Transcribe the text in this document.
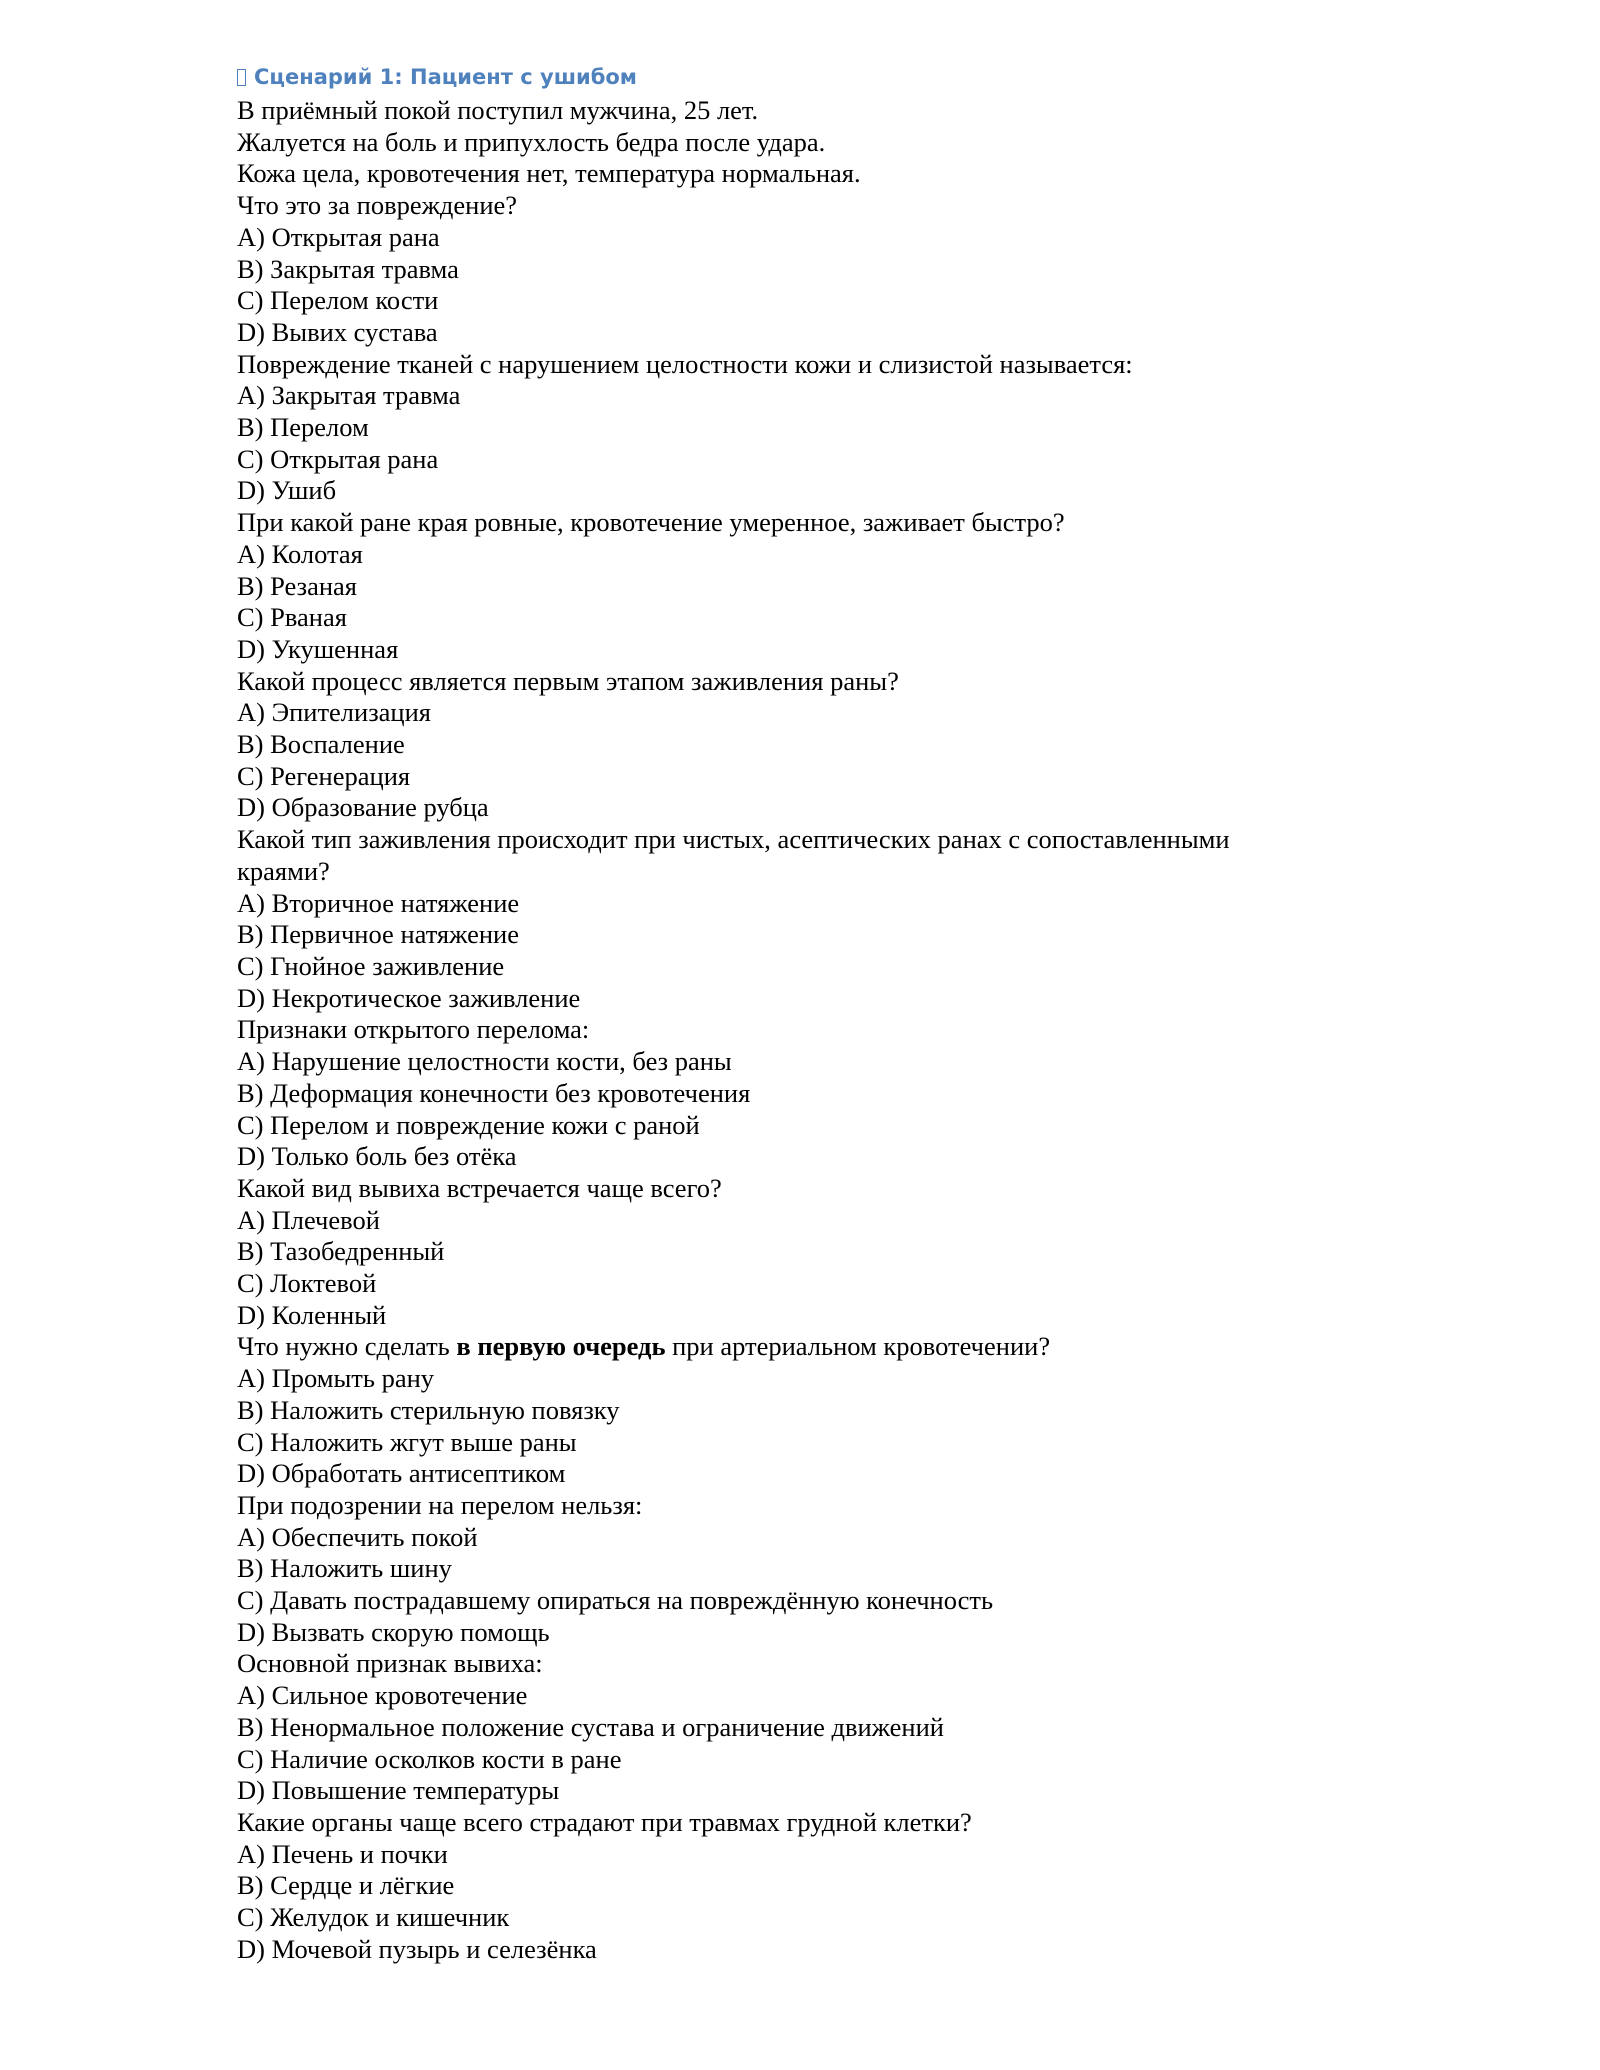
Сценарий 1: Пациент с ушибом
В приёмный покой поступил мужчина, 25 лет.
Жалуется на боль и припухлость бедра после удара.
Кожа цела, кровотечения нет, температура нормальная.
Что это за повреждение?
A) Открытая рана
B) Закрытая травма
C) Перелом кости
D) Вывих сустава
Повреждение тканей с нарушением целостности кожи и слизистой называется:
A) Закрытая травма
B) Перелом
C) Открытая рана
D) Ушиб
При какой ране края ровные, кровотечение умеренное, заживает быстро?
A) Колотая
B) Резаная
C) Рваная
D) Укушенная
Какой процесс является первым этапом заживления раны?
A) Эпителизация
B) Воспаление
C) Регенерация
D) Образование рубца
Какой тип заживления происходит при чистых, асептических ранах с сопоставленными краями?
A) Вторичное натяжение
B) Первичное натяжение
C) Гнойное заживление
D) Некротическое заживление
Признаки открытого перелома:
A) Нарушение целостности кости, без раны
B) Деформация конечности без кровотечения
C) Перелом и повреждение кожи с раной
D) Только боль без отёка
Какой вид вывиха встречается чаще всего?
A) Плечевой
B) Тазобедренный
C) Локтевой
D) Коленный
Что нужно сделать в первую очередь при артериальном кровотечении?
A) Промыть рану
B) Наложить стерильную повязку
C) Наложить жгут выше раны
D) Обработать антисептиком
При подозрении на перелом нельзя:
A) Обеспечить покой
B) Наложить шину
C) Давать пострадавшему опираться на повреждённую конечность
D) Вызвать скорую помощь
Основной признак вывиха:
A) Сильное кровотечение
B) Ненормальное положение сустава и ограничение движений
C) Наличие осколков кости в ране
D) Повышение температуры
Какие органы чаще всего страдают при травмах грудной клетки?
A) Печень и почки
B) Сердце и лёгкие
C) Желудок и кишечник
D) Мочевой пузырь и селезёнка
